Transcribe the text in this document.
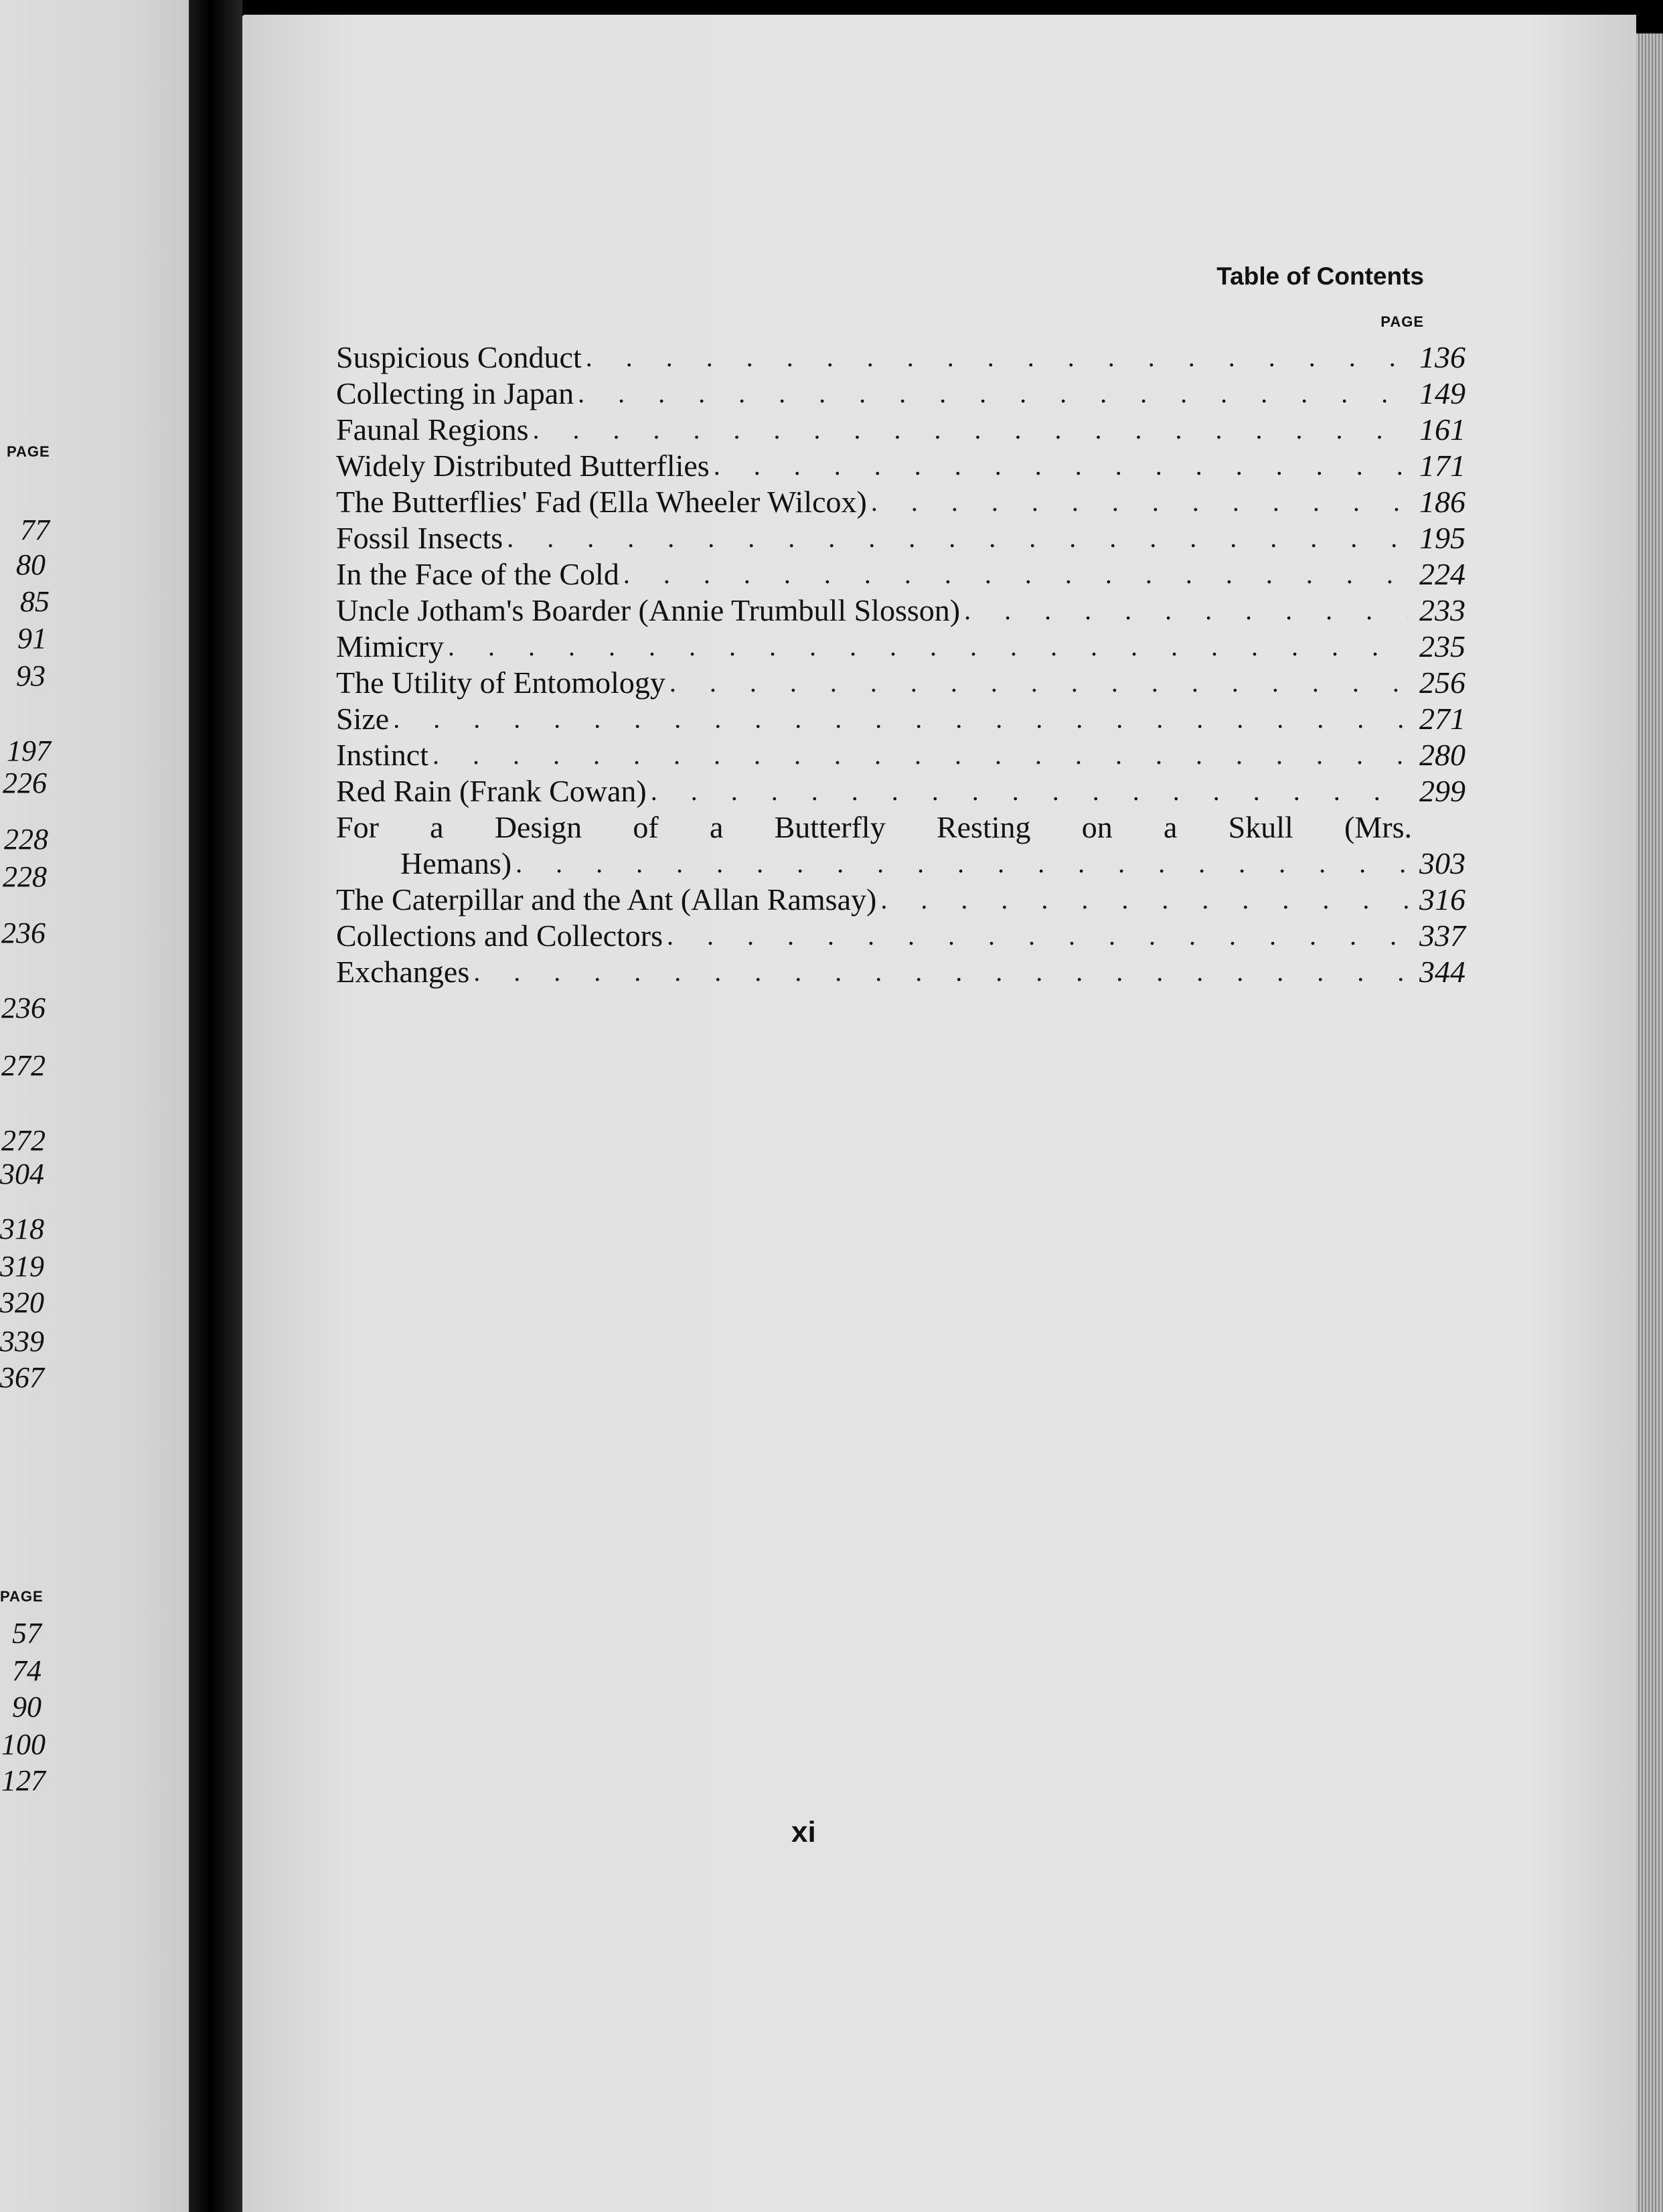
PAGE
77
80
85
91
93
197
226
228
228
236
236
272
272
304
318
319
320
339
367
PAGE
57
74
90
100
127
Table of Contents
PAGE
Suspicious Conduct . . .	136
Collecting in Japan . . .	149
Faunal Regions . . .	161
Widely Distributed Butterflies . . .	171
The Butterflies' Fad (Ella Wheeler Wilcox) . . .	186
Fossil Insects . . .	195
In the Face of the Cold . . .	224
Uncle Jotham's Boarder (Annie Trumbull Slosson) . . .	233
Mimicry . . .	235
The Utility of Entomology . . .	256
Size . . .	271
Instinct . . .	280
Red Rain (Frank Cowan) . . .	299
For a Design of a Butterfly Resting on a Skull (Mrs.
Hemans) . . .	303
The Caterpillar and the Ant (Allan Ramsay) . . .	316
Collections and Collectors . . .	337
Exchanges . . .	344
xi
